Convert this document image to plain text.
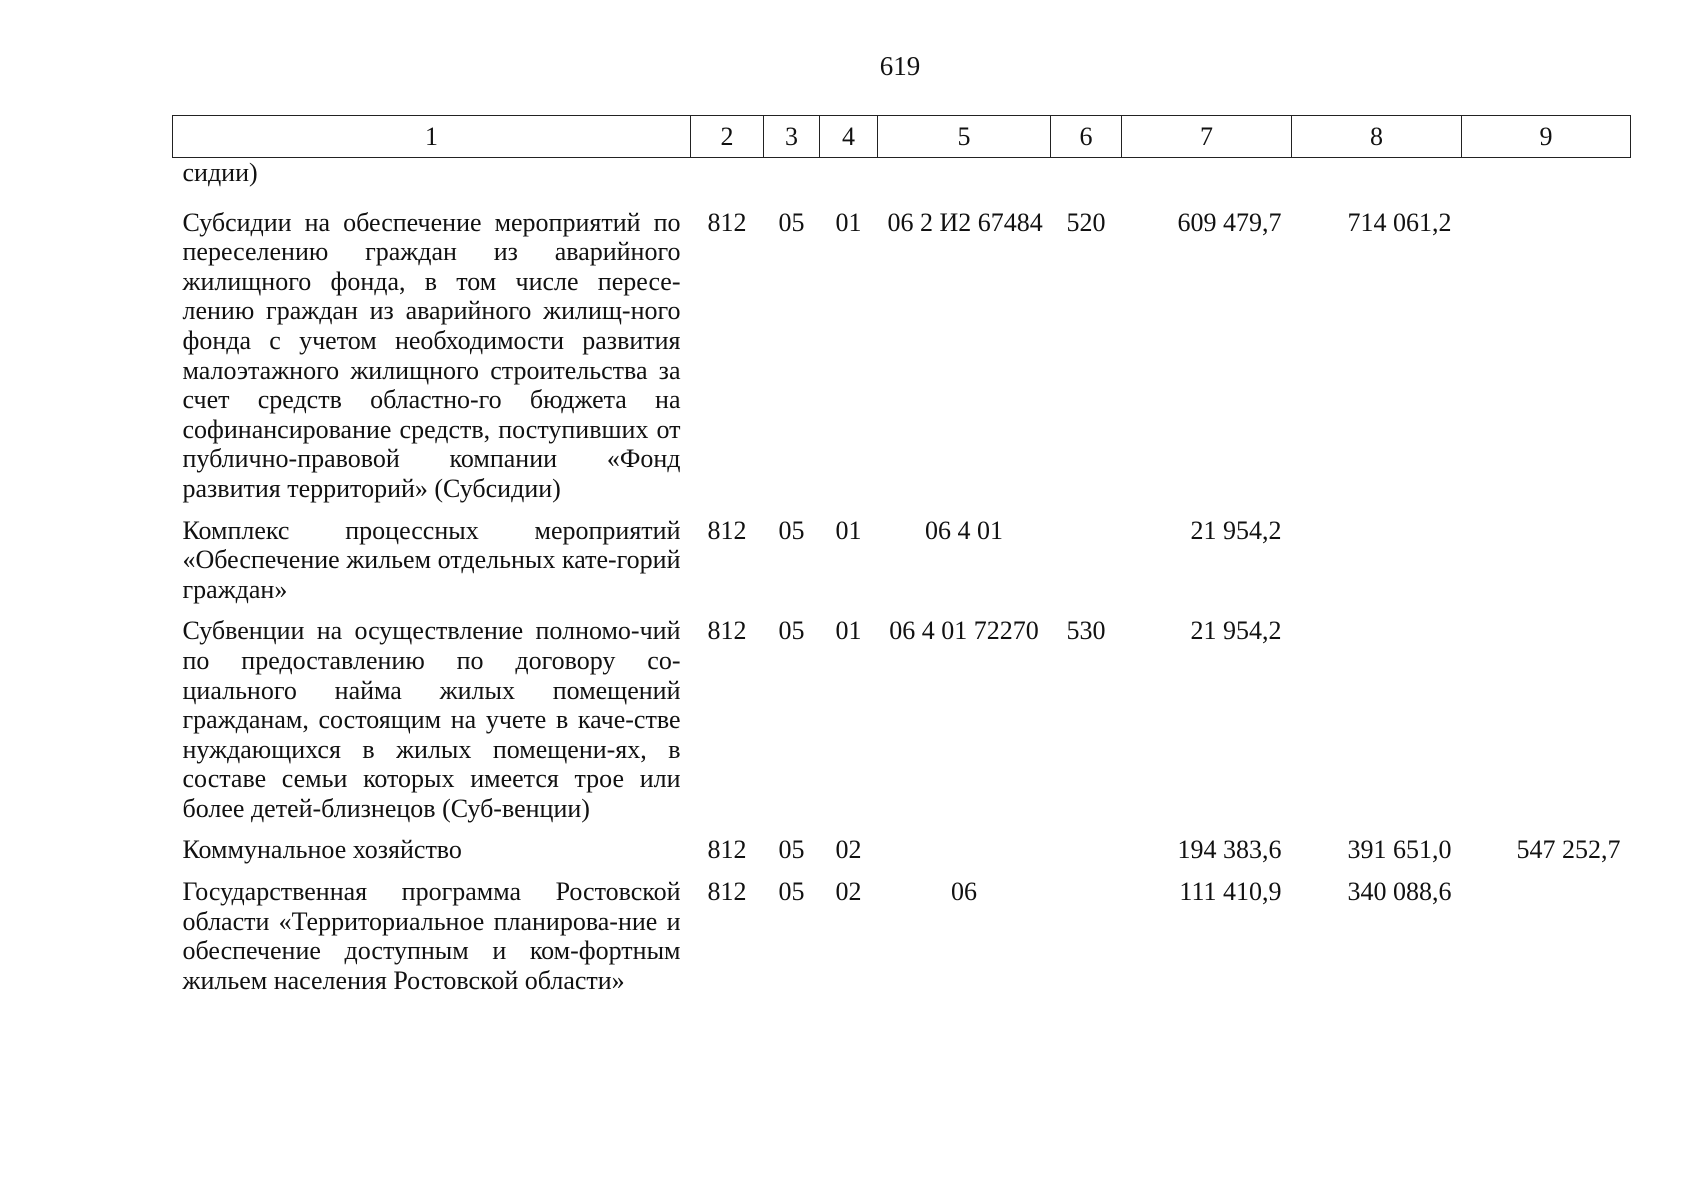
619
1	2	3	4	5	6	7	8	9
сидии)								
Субсидии на обеспечение мероприятий по переселению граждан из аварийного жилищного фонда, в том числе пересе-лению граждан из аварийного жилищ-ного фонда с учетом необходимости развития малоэтажного жилищного строительства за счет средств областно-го бюджета на софинансирование средств, поступивших от публично-правовой компании «Фонд развития территорий» (Субсидии)	812	05	01	06 2 И2 67484	520	609 479,7	714 061,2	
Комплекс процессных мероприятий «Обеспечение жильем отдельных кате-горий граждан»	812	05	01	06 4 01		21 954,2		
Субвенции на осуществление полномо-чий по предоставлению по договору со-циального найма жилых помещений гражданам, состоящим на учете в каче-стве нуждающихся в жилых помещени-ях, в составе семьи которых имеется трое или более детей-близнецов (Суб-венции)	812	05	01	06 4 01 72270	530	21 954,2		
Коммунальное хозяйство	812	05	02			194 383,6	391 651,0	547 252,7
Государственная программа Ростовской области «Территориальное планирова-ние и обеспечение доступным и ком-фортным жильем населения Ростовской области»	812	05	02	06		111 410,9	340 088,6	
